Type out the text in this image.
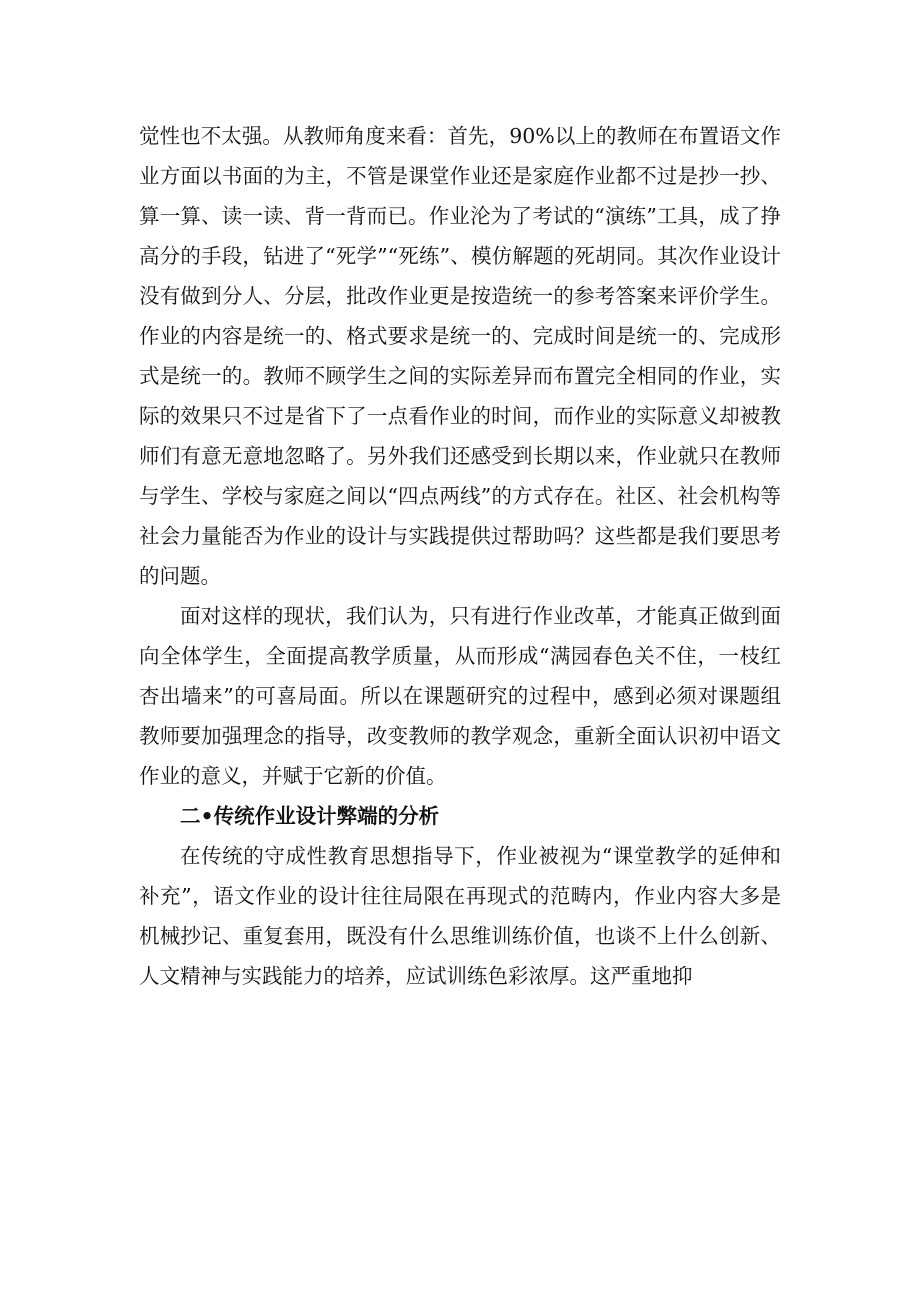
觉性也不太强。从教师角度来看：首先，90%以上的教师在布置语文作业方面以书面的为主，不管是课堂作业还是家庭作业都不过是抄一抄、算一算、读一读、背一背而已。作业沦为了考试的“演练”工具，成了挣高分的手段，钻进了“死学”“死练”、模仿解题的死胡同。其次作业设计没有做到分人、分层，批改作业更是按造统一的参考答案来评价学生。作业的内容是统一的、格式要求是统一的、完成时间是统一的、完成形式是统一的。教师不顾学生之间的实际差异而布置完全相同的作业，实际的效果只不过是省下了一点看作业的时间，而作业的实际意义却被教师们有意无意地忽略了。另外我们还感受到长期以来，作业就只在教师与学生、学校与家庭之间以“四点两线”的方式存在。社区、社会机构等社会力量能否为作业的设计与实践提供过帮助吗？这些都是我们要思考的问题。

面对这样的现状，我们认为，只有进行作业改革，才能真正做到面向全体学生，全面提高教学质量，从而形成“满园春色关不住，一枝红杏出墙来”的可喜局面。所以在课题研究的过程中，感到必须对课题组教师要加强理念的指导，改变教师的教学观念，重新全面认识初中语文作业的意义，并赋于它新的价值。

二•传统作业设计弊端的分析

在传统的守成性教育思想指导下，作业被视为“课堂教学的延伸和补充”，语文作业的设计往往局限在再现式的范畴内，作业内容大多是机械抄记、重复套用，既没有什么思维训练价值，也谈不上什么创新、人文精神与实践能力的培养，应试训练色彩浓厚。这严重地抑
